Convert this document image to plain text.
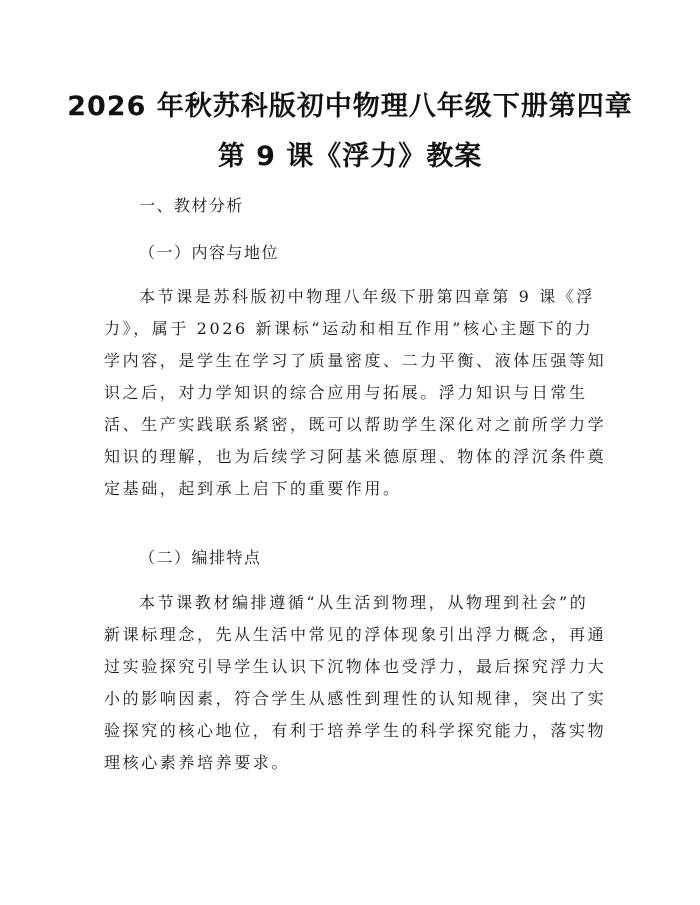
2026 年秋苏科版初中物理八年级下册第四章
第 9 课《浮力》教案
一、教材分析
（一）内容与地位
本节课是苏科版初中物理八年级下册第四章第 9 课《浮
力》，属于 2026 新课标“运动和相互作用”核心主题下的力
学内容，是学生在学习了质量密度、二力平衡、液体压强等知
识之后，对力学知识的综合应用与拓展。浮力知识与日常生
活、生产实践联系紧密，既可以帮助学生深化对之前所学力学
知识的理解，也为后续学习阿基米德原理、物体的浮沉条件奠
定基础，起到承上启下的重要作用。
（二）编排特点
本节课教材编排遵循“从生活到物理，从物理到社会”的
新课标理念，先从生活中常见的浮体现象引出浮力概念，再通
过实验探究引导学生认识下沉物体也受浮力，最后探究浮力大
小的影响因素，符合学生从感性到理性的认知规律，突出了实
验探究的核心地位，有利于培养学生的科学探究能力，落实物
理核心素养培养要求。
